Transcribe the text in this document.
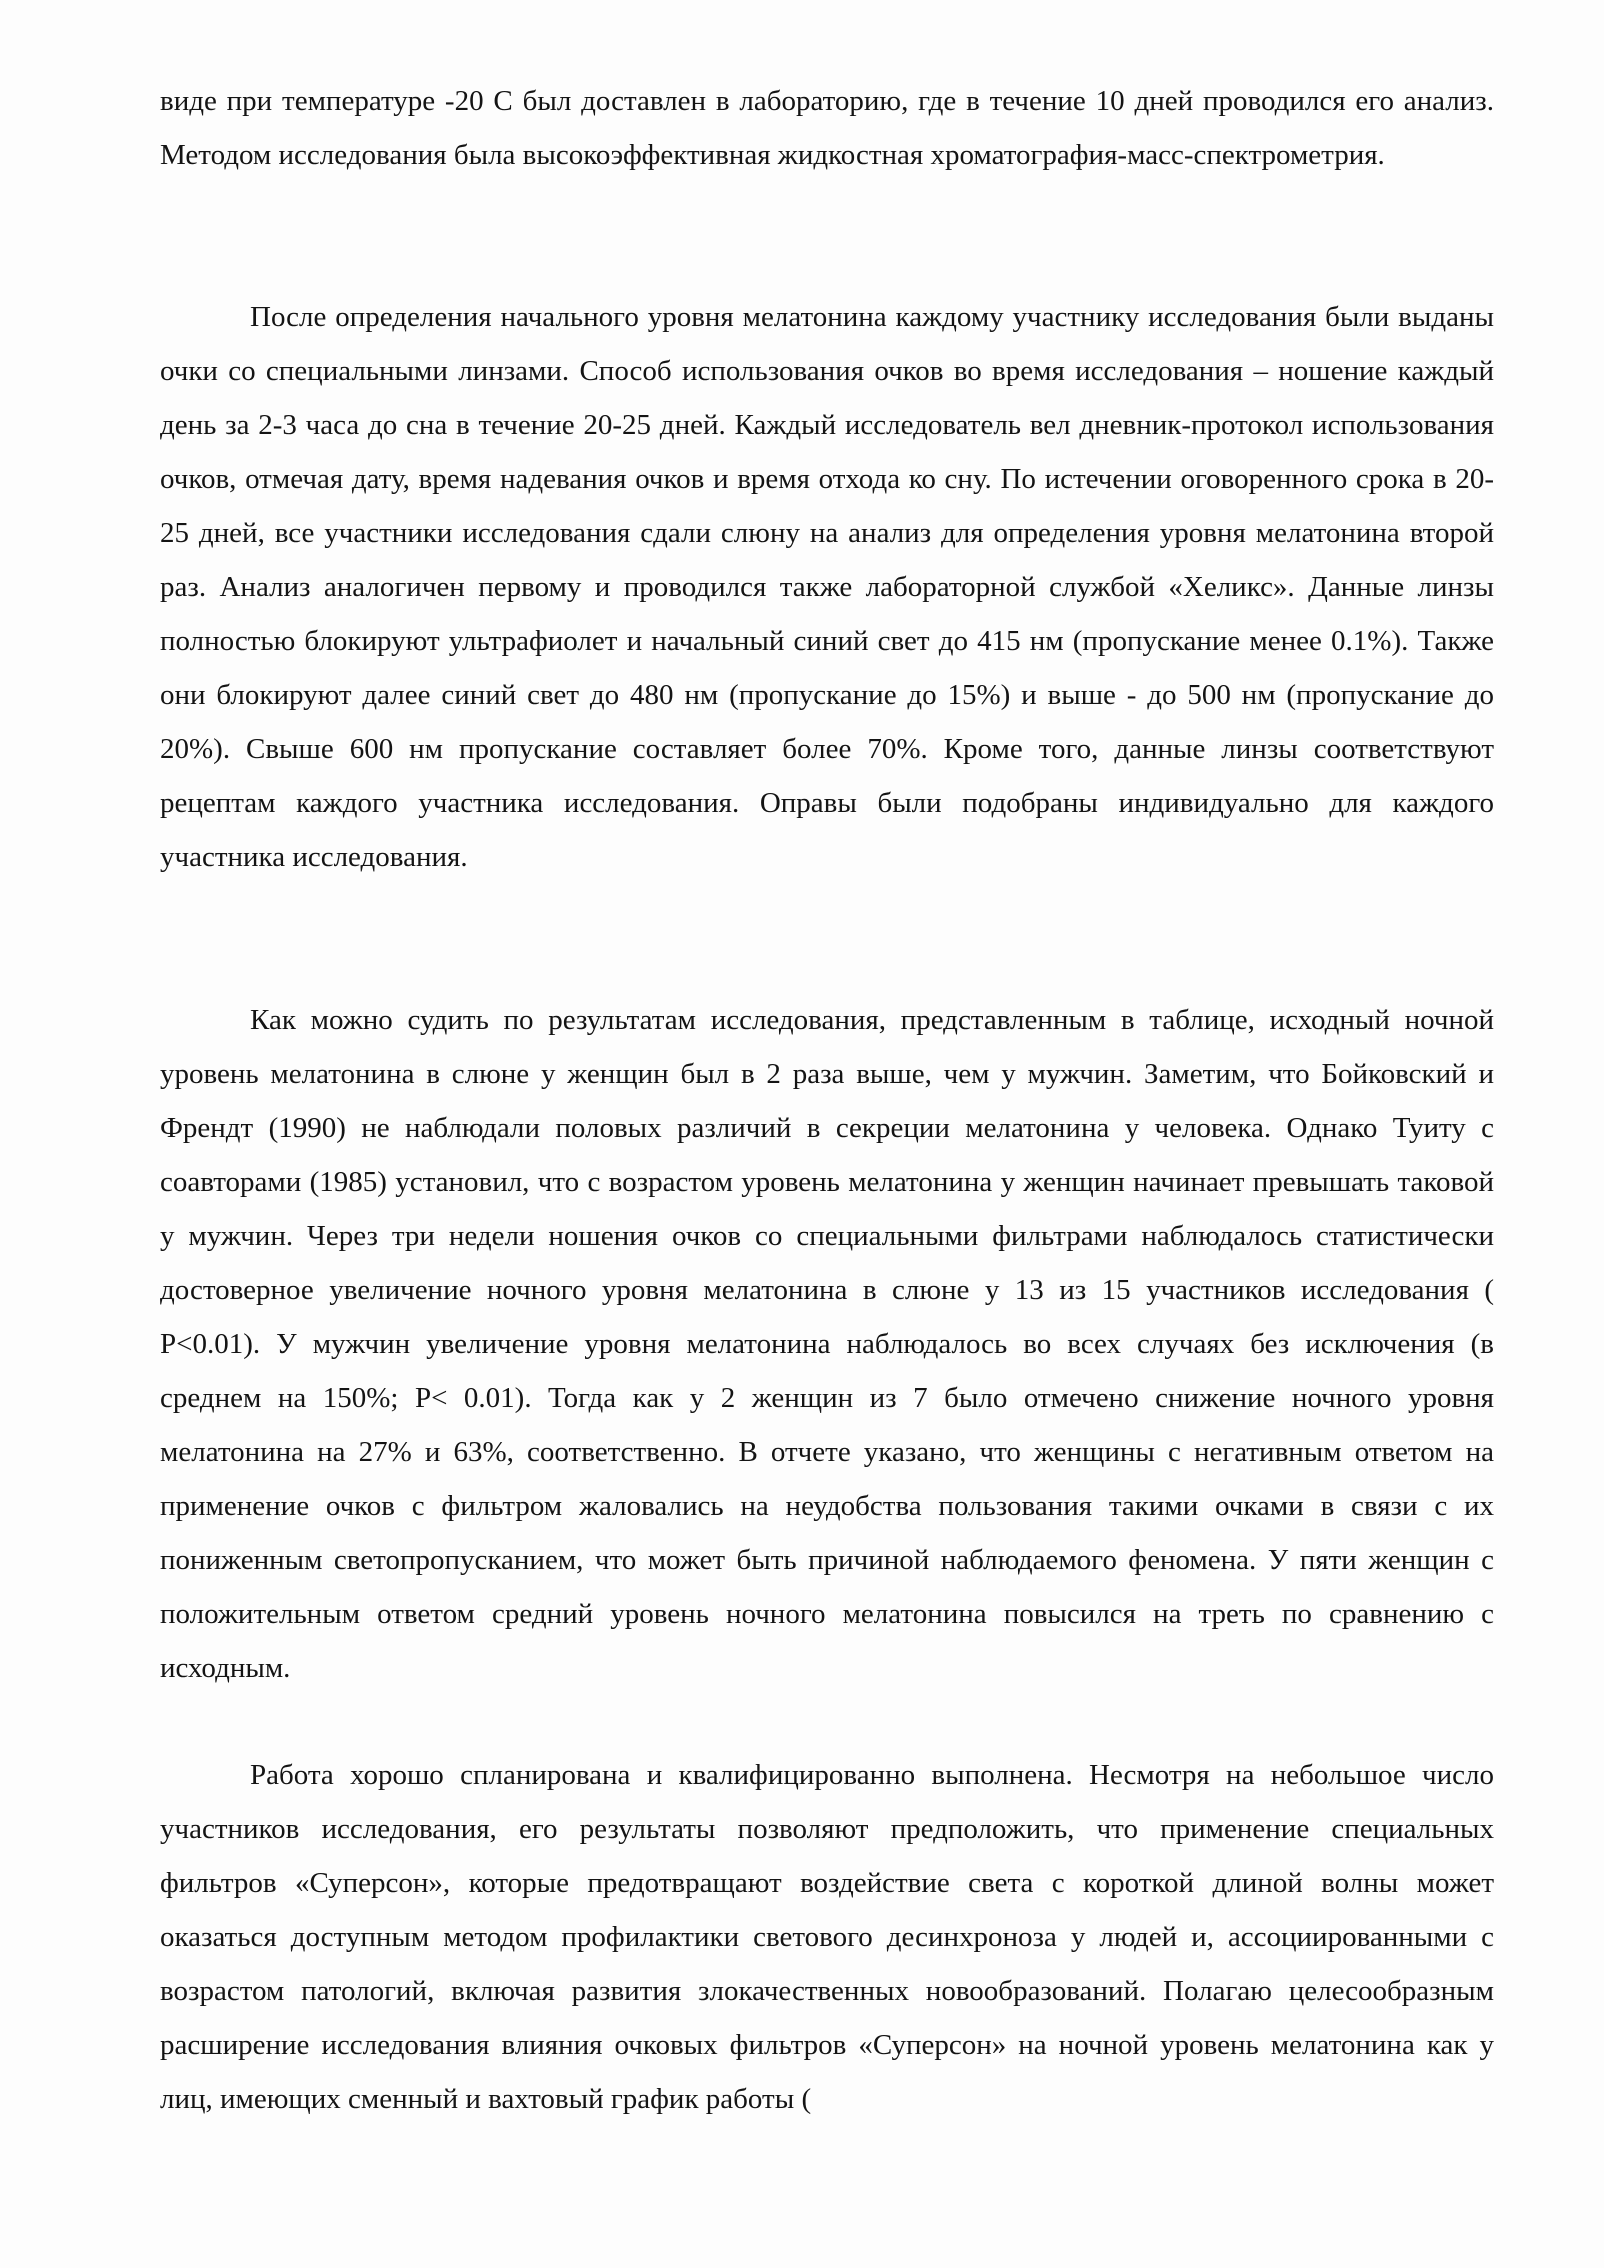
виде при температуре -20 С был доставлен в лабораторию, где в течение 10 дней проводился его анализ. Методом исследования была высокоэффективная жидкостная хроматография-масс-спектрометрия.

После определения начального уровня мелатонина каждому участнику исследования были выданы очки со специальными линзами. Способ использования очков во время исследования – ношение каждый день за 2-3 часа до сна в течение 20-25 дней. Каждый исследователь вел дневник-протокол использования очков, отмечая дату, время надевания очков и время отхода ко сну. По истечении оговоренного срока в 20-25 дней, все участники исследования сдали слюну на анализ для определения уровня мелатонина второй раз. Анализ аналогичен первому и проводился также лабораторной службой «Хеликс». Данные линзы полностью блокируют ультрафиолет и начальный синий свет до 415 нм (пропускание менее 0.1%). Также они блокируют далее синий свет до 480 нм (пропускание до 15%) и выше - до 500 нм (пропускание до 20%). Свыше 600 нм пропускание составляет более 70%. Кроме того, данные линзы соответствуют рецептам каждого участника исследования. Оправы были подобраны индивидуально для каждого участника исследования.

Как можно судить по результатам исследования, представленным в таблице, исходный ночной уровень мелатонина в слюне у женщин был в 2 раза выше, чем у мужчин. Заметим, что Бойковский и Френдт (1990) не наблюдали половых различий в секреции мелатонина у человека. Однако Туиту с соавторами (1985) установил, что с возрастом уровень мелатонина у женщин начинает превышать таковой у мужчин. Через три недели ношения очков со специальными фильтрами наблюдалось статистически достоверное увеличение ночного уровня мелатонина в слюне у 13 из 15 участников исследования ( P<0.01). У мужчин увеличение уровня мелатонина наблюдалось во всех случаях без исключения (в среднем на 150%; P< 0.01). Тогда как у 2 женщин из 7 было отмечено снижение ночного уровня мелатонина на 27% и 63%, соответственно. В отчете указано, что женщины с негативным ответом на применение очков с фильтром жаловались на неудобства пользования такими очками в связи с их пониженным светопропусканием, что может быть причиной наблюдаемого феномена. У пяти женщин с положительным ответом средний уровень ночного мелатонина повысился на треть по сравнению с исходным.

Работа хорошо спланирована и квалифицированно выполнена. Несмотря на небольшое число участников исследования, его результаты позволяют предположить, что применение специальных фильтров «Суперсон», которые предотвращают воздействие света с короткой длиной волны может оказаться доступным методом профилактики светового десинхроноза у людей и, ассоциированными с возрастом патологий, включая развития злокачественных новообразований. Полагаю целесообразным расширение исследования влияния очковых фильтров «Суперсон» на ночной уровень мелатонина как у лиц, имеющих сменный и вахтовый график работы (
